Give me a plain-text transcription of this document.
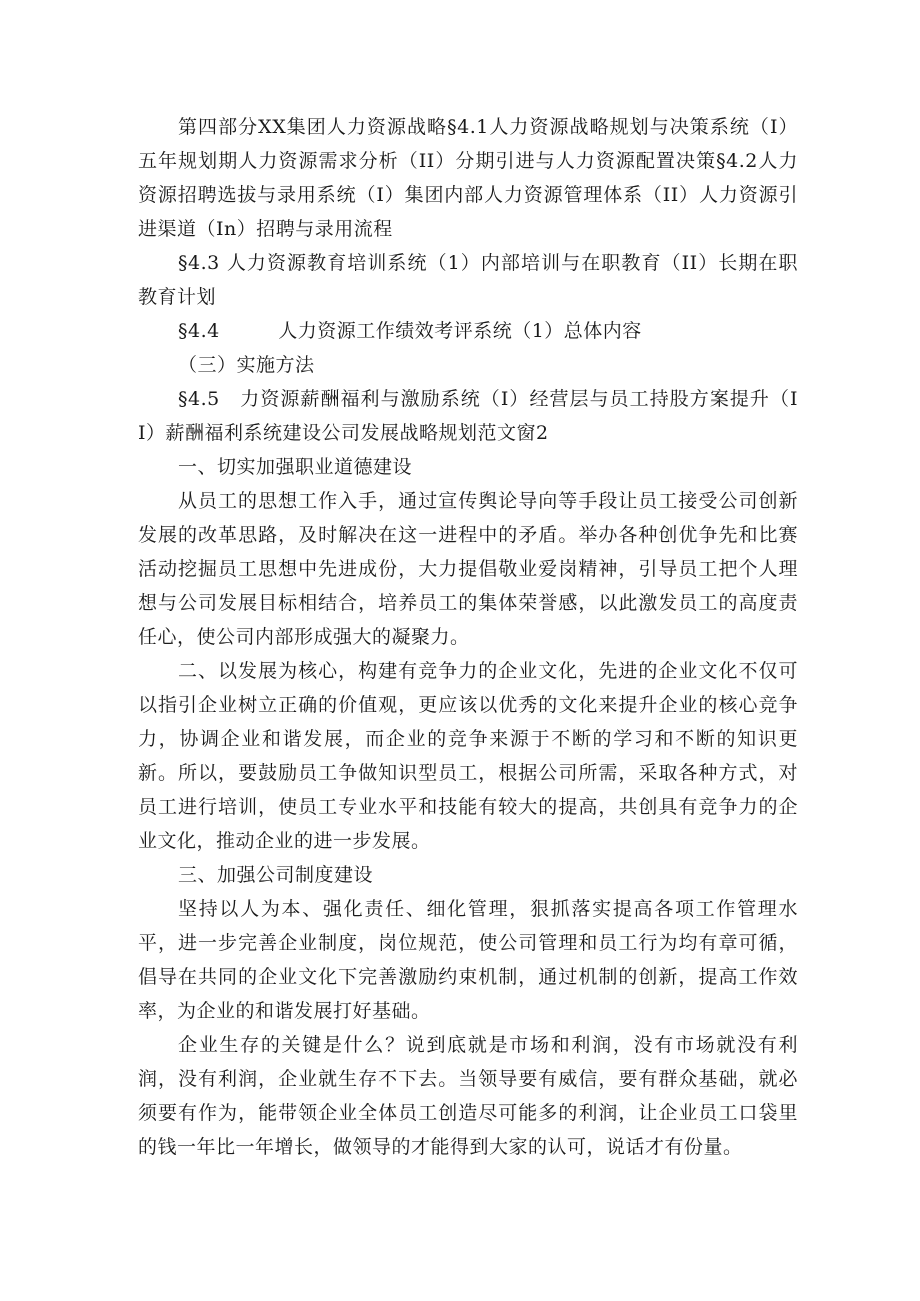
第四部分XX集团人力资源战略§4.1人力资源战略规划与决策系统（I）五年规划期人力资源需求分析（II）分期引进与人力资源配置决策§4.2人力资源招聘选拔与录用系统（I）集团内部人力资源管理体系（II）人力资源引进渠道（In）招聘与录用流程

§4.3 人力资源教育培训系统（1）内部培训与在职教育（II）长期在职教育计划

§4.4　　　人力资源工作绩效考评系统（1）总体内容

（三）实施方法

§4.5　力资源薪酬福利与激励系统（I）经营层与员工持股方案提升（II）薪酬福利系统建设公司发展战略规划范文窗2

一、切实加强职业道德建设

从员工的思想工作入手，通过宣传舆论导向等手段让员工接受公司创新发展的改革思路，及时解决在这一进程中的矛盾。举办各种创优争先和比赛活动挖掘员工思想中先进成份，大力提倡敬业爱岗精神，引导员工把个人理想与公司发展目标相结合，培养员工的集体荣誉感，以此激发员工的高度责任心，使公司内部形成强大的凝聚力。

二、以发展为核心，构建有竞争力的企业文化，先进的企业文化不仅可以指引企业树立正确的价值观，更应该以优秀的文化来提升企业的核心竞争力，协调企业和谐发展，而企业的竞争来源于不断的学习和不断的知识更新。所以，要鼓励员工争做知识型员工，根据公司所需，采取各种方式，对员工进行培训，使员工专业水平和技能有较大的提高，共创具有竞争力的企业文化，推动企业的进一步发展。

三、加强公司制度建设

坚持以人为本、强化责任、细化管理，狠抓落实提高各项工作管理水平，进一步完善企业制度，岗位规范，使公司管理和员工行为均有章可循，倡导在共同的企业文化下完善激励约束机制，通过机制的创新，提高工作效率，为企业的和谐发展打好基础。

企业生存的关键是什么？说到底就是市场和利润，没有市场就没有利润，没有利润，企业就生存不下去。当领导要有威信，要有群众基础，就必须要有作为，能带领企业全体员工创造尽可能多的利润，让企业员工口袋里的钱一年比一年增长，做领导的才能得到大家的认可，说话才有份量。
